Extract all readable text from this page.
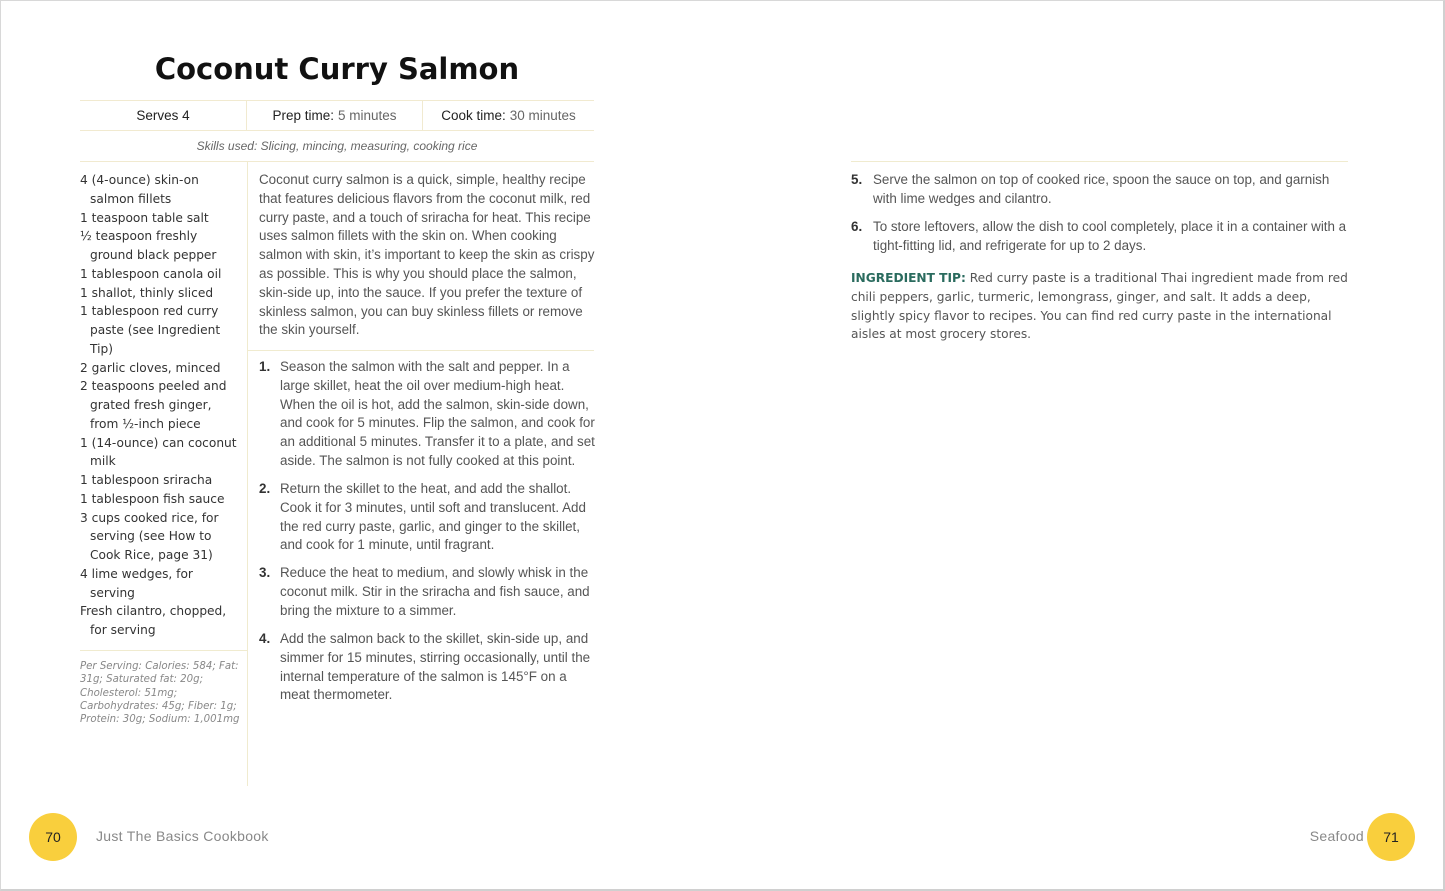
Coconut Curry Salmon
Serves 4	Prep time: 5 minutes	Cook time: 30 minutes
Skills used: Slicing, mincing, measuring, cooking rice
4 (4-ounce) skin-on salmon fillets
1 teaspoon table salt
½ teaspoon freshly ground black pepper
1 tablespoon canola oil
1 shallot, thinly sliced
1 tablespoon red curry paste (see Ingredient Tip)
2 garlic cloves, minced
2 teaspoons peeled and grated fresh ginger, from ½-inch piece
1 (14-ounce) can coconut milk
1 tablespoon sriracha
1 tablespoon fish sauce
3 cups cooked rice, for serving (see How to Cook Rice, page 31)
4 lime wedges, for serving
Fresh cilantro, chopped, for serving

Per Serving: Calories: 584; Fat: 31g; Saturated fat: 20g; Cholesterol: 51mg; Carbohydrates: 45g; Fiber: 1g; Protein: 30g; Sodium: 1,001mg

Coconut curry salmon is a quick, simple, healthy recipe that features delicious flavors from the coconut milk, red curry paste, and a touch of sriracha for heat. This recipe uses salmon fillets with the skin on. When cooking salmon with skin, it’s important to keep the skin as crispy as possible. This is why you should place the salmon, skin-side up, into the sauce. If you prefer the texture of skinless salmon, you can buy skinless fillets or remove the skin yourself.

1. Season the salmon with the salt and pepper. In a large skillet, heat the oil over medium-high heat. When the oil is hot, add the salmon, skin-side down, and cook for 5 minutes. Flip the salmon, and cook for an additional 5 minutes. Transfer it to a plate, and set aside. The salmon is not fully cooked at this point.
2. Return the skillet to the heat, and add the shallot. Cook it for 3 minutes, until soft and translucent. Add the red curry paste, garlic, and ginger to the skillet, and cook for 1 minute, until fragrant.
3. Reduce the heat to medium, and slowly whisk in the coconut milk. Stir in the sriracha and fish sauce, and bring the mixture to a simmer.
4. Add the salmon back to the skillet, skin-side up, and simmer for 15 minutes, stirring occasionally, until the internal temperature of the salmon is 145°F on a meat thermometer.
5. Serve the salmon on top of cooked rice, spoon the sauce on top, and garnish with lime wedges and cilantro.
6. To store leftovers, allow the dish to cool completely, place it in a container with a tight-fitting lid, and refrigerate for up to 2 days.

INGREDIENT TIP: Red curry paste is a traditional Thai ingredient made from red chili peppers, garlic, turmeric, lemongrass, ginger, and salt. It adds a deep, slightly spicy flavor to recipes. You can find red curry paste in the international aisles at most grocery stores.

70	Just The Basics Cookbook	Seafood	71
